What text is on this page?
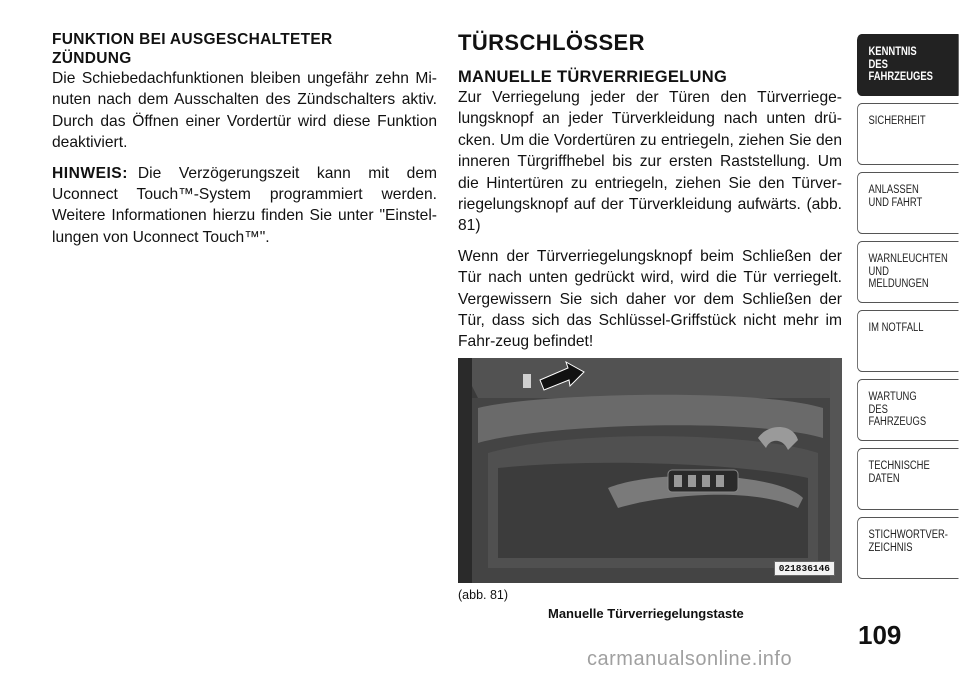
FUNKTION BEI AUSGESCHALTETER
ZÜNDUNG

Die Schiebedachfunktionen bleiben ungefähr zehn Mi-nuten nach dem Ausschalten des Zündschalters aktiv. Durch das Öffnen einer Vordertür wird diese Funktion deaktiviert.

HINWEIS: Die Verzögerungszeit kann mit dem Uconnect Touch™-System programmiert werden. Weitere Informationen hierzu finden Sie unter "Einstel-lungen von Uconnect Touch™".

TÜRSCHLÖSSER
MANUELLE TÜRVERRIEGELUNG

Zur Verriegelung jeder der Türen den Türverriege-lungsknopf an jeder Türverkleidung nach unten drü-cken. Um die Vordertüren zu entriegeln, ziehen Sie den inneren Türgriffhebel bis zur ersten Raststellung. Um die Hintertüren zu entriegeln, ziehen Sie den Türver-riegelungsknopf auf der Türverkleidung aufwärts. (abb. 81)

Wenn der Türverriegelungsknopf beim Schließen der Tür nach unten gedrückt wird, wird die Tür verriegelt. Vergewissern Sie sich daher vor dem Schließen der Tür, dass sich das Schlüssel-Griffstück nicht mehr im Fahr-zeug befindet!

021836146
(abb. 81)
Manuelle Türverriegelungstaste
KENNTNIS
DES
FAHRZEUGES
SICHERHEIT
ANLASSEN
UND FAHRT
WARNLEUCHTEN
UND
MELDUNGEN
IM NOTFALL
WARTUNG
DES
FAHRZEUGS
TECHNISCHE
DATEN
STICHWORTVER-
ZEICHNIS
109
carmanualsonline.info
